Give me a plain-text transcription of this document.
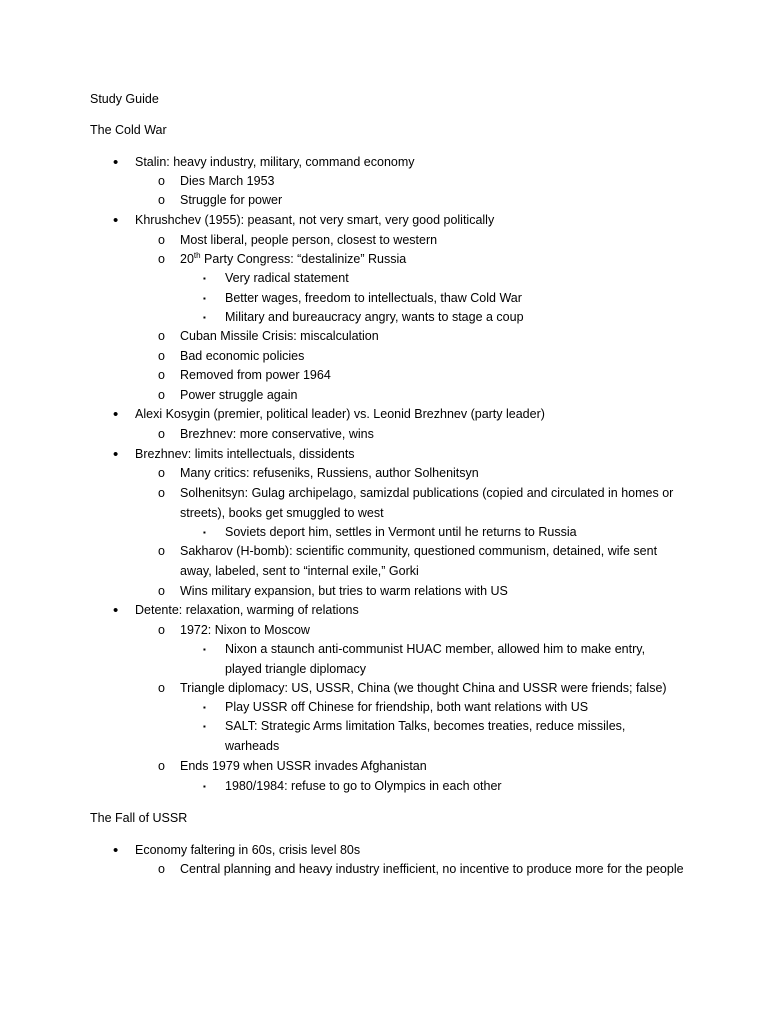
Study Guide
The Cold War
• Stalin: heavy industry, military, command economy
o Dies March 1953
o Struggle for power
• Khrushchev (1955): peasant, not very smart, very good politically
o Most liberal, people person, closest to western
o 20th Party Congress: “destalinize” Russia
▪ Very radical statement
▪ Better wages, freedom to intellectuals, thaw Cold War
▪ Military and bureaucracy angry, wants to stage a coup
o Cuban Missile Crisis: miscalculation
o Bad economic policies
o Removed from power 1964
o Power struggle again
• Alexi Kosygin (premier, political leader) vs. Leonid Brezhnev (party leader)
o Brezhnev: more conservative, wins
• Brezhnev: limits intellectuals, dissidents
o Many critics: refuseniks, Russiens, author Solhenitsyn
o Solhenitsyn: Gulag archipelago, samizdal publications (copied and circulated in homes or streets), books get smuggled to west
▪ Soviets deport him, settles in Vermont until he returns to Russia
o Sakharov (H-bomb): scientific community, questioned communism, detained, wife sent away, labeled, sent to “internal exile,” Gorki
o Wins military expansion, but tries to warm relations with US
• Detente: relaxation, warming of relations
o 1972: Nixon to Moscow
▪ Nixon a staunch anti-communist HUAC member, allowed him to make entry, played triangle diplomacy
o Triangle diplomacy: US, USSR, China (we thought China and USSR were friends; false)
▪ Play USSR off Chinese for friendship, both want relations with US
▪ SALT: Strategic Arms limitation Talks, becomes treaties, reduce missiles, warheads
o Ends 1979 when USSR invades Afghanistan
▪ 1980/1984: refuse to go to Olympics in each other
The Fall of USSR
• Economy faltering in 60s, crisis level 80s
o Central planning and heavy industry inefficient, no incentive to produce more for the people
